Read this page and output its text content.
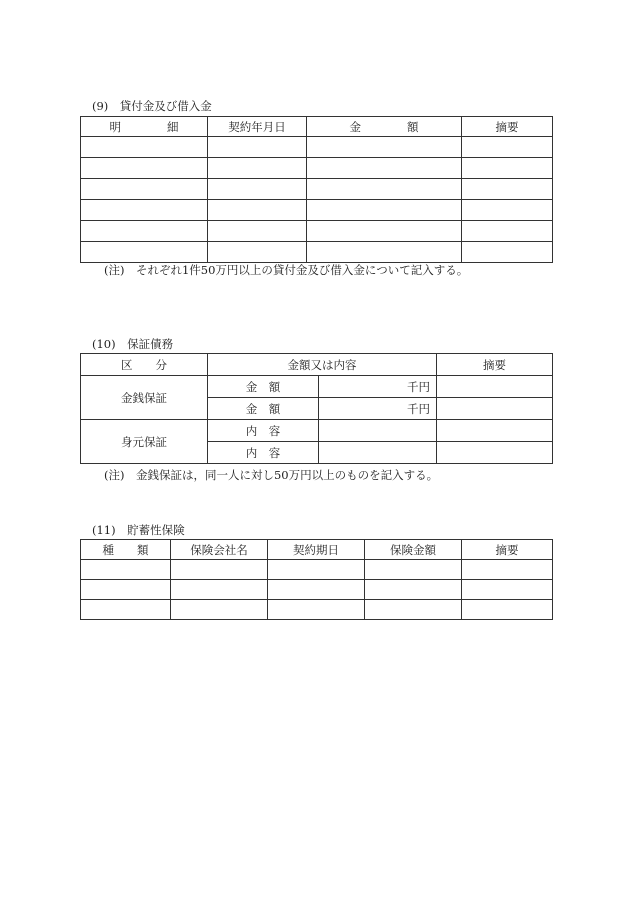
(9)　貸付金及び借入金
明　　　　細	契約年月日	金　　　　額	摘要

(注)　それぞれ1件50万円以上の貸付金及び借入金について記入する。
(10)　保証債務
区　　分	金額又は内容		摘要
金銭保証	金　額	千円	
	金　額	千円	
身元保証	内　容		
	内　容		
(注)　金銭保証は，同一人に対し50万円以上のものを記入する。
(11)　貯蓄性保険
種　　類	保険会社名	契約期日	保険金額	摘要
